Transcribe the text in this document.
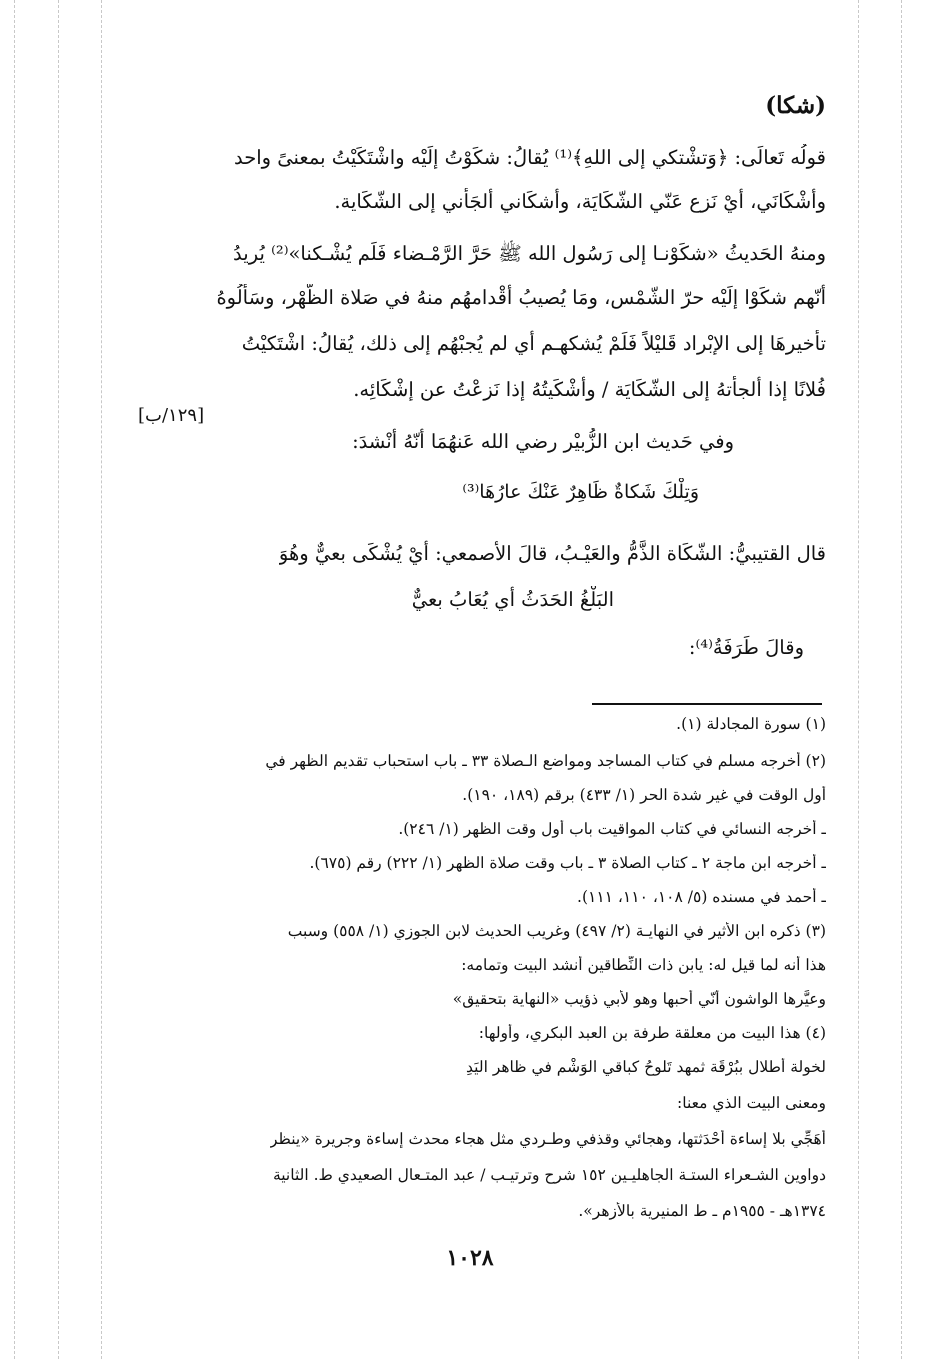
(شكا)
قولُه تَعالَى: ﴿وَتشْتكي إلى اللهِ﴾⁽¹⁾ يُقالُ: شكَوْتُ إلَيْه واشْتَكَيْتُ بمعنىً واحد
وأشْكَانَي، أيْ نَزع عَنّي الشّكَايَة، وأشكَاني ألجَأني إلى الشّكَاية.
ومنهُ الحَديثُ «شكَوْنـا إلى رَسُول الله ﷺ حَرَّ الرَّمْـضاء فَلَم يُشْـكنا»⁽²⁾ يُريدُ
أنّهم شكَوْا إلَيْه حرّ الشّمْس، ومَا يُصيبُ أقْدامهُم منهُ في صَلاة الظُّهْر، وسَألُوهُ
تأخيرهَا إلى الإبْراد قَليْلاً فَلَمْ يُشكهـم أي لم يُجبْهُم إلى ذلك، يُقالُ: اشْتَكيْتُ
فُلانًا إذا ألجأتهُ إلى الشّكَايَة / وأشْكَيتُهُ إذا نَزعْتُ عن إشْكَائِه.
[١٢٩/ب]
وفي حَديث ابن الزُّبيْر رضي الله عَنهُمَا أنّهُ أنْشدَ:
وَتِلْكَ شَكاةٌ ظَاهِرٌ عَنْكَ عارُهَا⁽³⁾
قال القتيبيُّ: الشّكَاة الذَّمُّ والعَيْـبُ، قالَ الأصمعي: أيْ يُشْكَى بعيٌّ وهُوَ
البَلْغُ الحَدَثُ أي يُعَابُ بعيٌّ
وقالَ طَرَفَةُ⁽⁴⁾:
(١) سورة المجادلة (١).
(٢) أخرجه مسلم في كتاب المساجد ومواضع الـصلاة ٣٣ ـ باب استحباب تقديم الظهر في
أول الوقت في غير شدة الحر (١/ ٤٣٣) برقم (١٨٩، ١٩٠).
ـ أخرجه النسائي في كتاب المواقيت باب أول وقت الظهر (١/ ٢٤٦).
ـ أخرجه ابن ماجة ٢ ـ كتاب الصلاة ٣ ـ باب وقت صلاة الظهر (١/ ٢٢٢) رقم (٦٧٥).
ـ أحمد في مسنده (٥/ ١٠٨، ١١٠، ١١١).
(٣) ذكره ابن الأثير في النهايـة (٢/ ٤٩٧) وغريب الحديث لابن الجوزي (١/ ٥٥٨) وسبب
هذا أنه لما قيل له: يابن ذات النِّطاقين أنشد البيت وتمامه:
وعيَّرها الواشون أنّي أحبها وهو لأبي ذؤيب «النهاية بتحقيق»
(٤) هذا البيت من معلقة طرفة بن العبد البكري، وأولها:
لخولة أطلال ببُرْقَة ثمهد تَلوحُ كباقي الوَشْم في ظاهرِ اليَدِ
ومعنى البيت الذي معنا:
أُهَجِّي بلا إساءة أحْدَثتها، وهجائي وقذفي وطـردي مثل هجاء محدث إساءة وجريرة «ينظر
دواوين الشـعراء الستـة الجاهليـين ١٥٢ شرح وترتيـب / عبد المتـعال الصعيدي ط. الثانية
١٣٧٤هـ - ١٩٥٥م ـ ط المنيرية بالأزهر».
١٠٢٨
